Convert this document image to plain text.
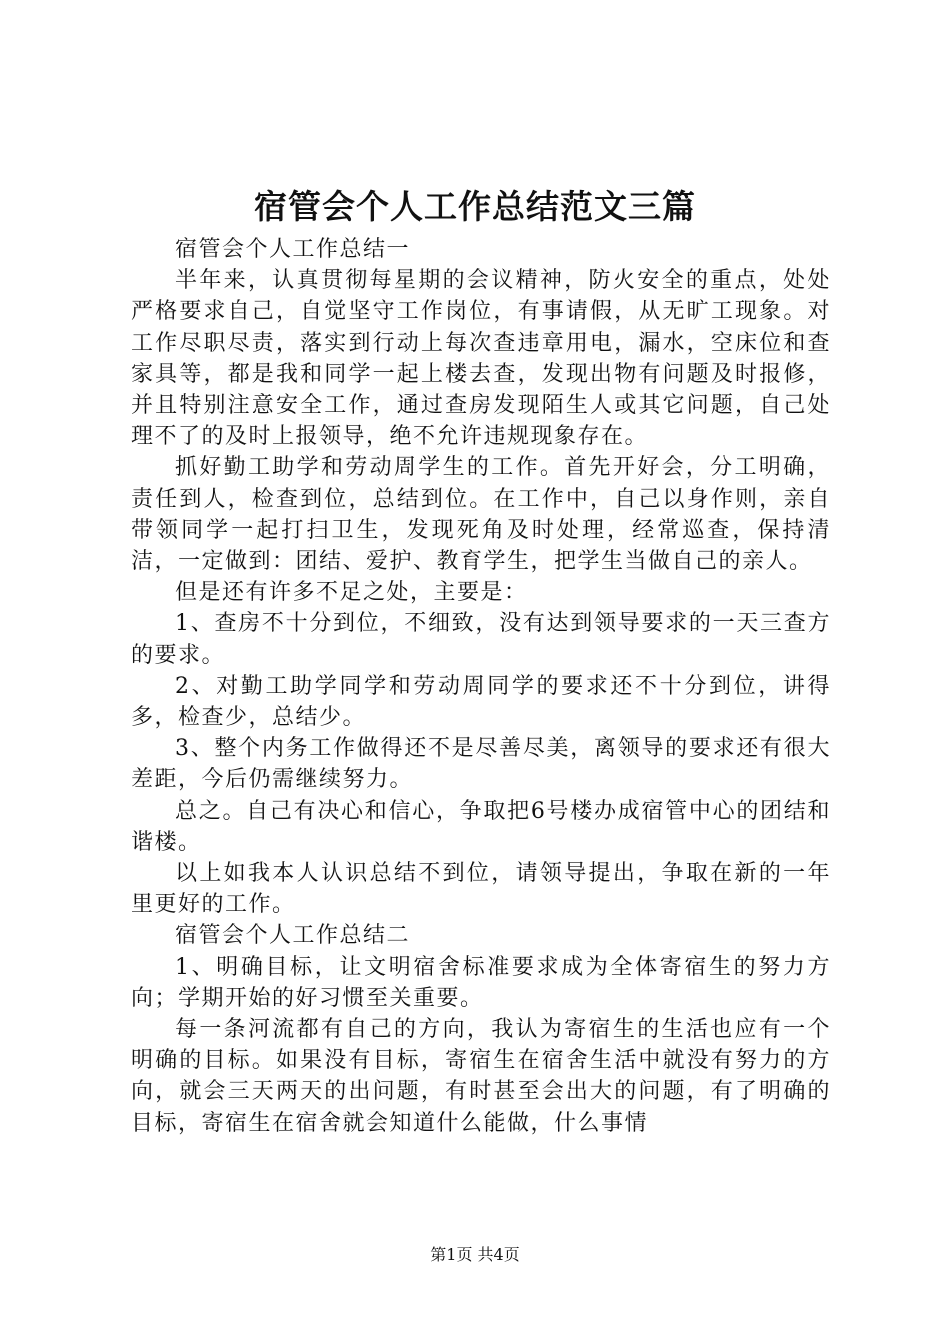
宿管会个人工作总结范文三篇

宿管会个人工作总结一

半年来，认真贯彻每星期的会议精神，防火安全的重点，处处严格要求自己，自觉坚守工作岗位，有事请假，从无旷工现象。对工作尽职尽责，落实到行动上每次查违章用电，漏水，空床位和查家具等，都是我和同学一起上楼去查，发现出物有问题及时报修，并且特别注意安全工作，通过查房发现陌生人或其它问题，自己处理不了的及时上报领导，绝不允许违规现象存在。

抓好勤工助学和劳动周学生的工作。首先开好会，分工明确，责任到人，检查到位，总结到位。在工作中，自己以身作则，亲自带领同学一起打扫卫生，发现死角及时处理，经常巡查，保持清洁，一定做到：团结、爱护、教育学生，把学生当做自己的亲人。

但是还有许多不足之处，主要是：

1、查房不十分到位，不细致，没有达到领导要求的一天三查方的要求。

2、对勤工助学同学和劳动周同学的要求还不十分到位，讲得多，检查少，总结少。

3、整个内务工作做得还不是尽善尽美，离领导的要求还有很大差距，今后仍需继续努力。

总之。自己有决心和信心，争取把6号楼办成宿管中心的团结和谐楼。

以上如我本人认识总结不到位，请领导提出，争取在新的一年里更好的工作。

宿管会个人工作总结二

1、明确目标，让文明宿舍标准要求成为全体寄宿生的努力方向；学期开始的好习惯至关重要。

每一条河流都有自己的方向，我认为寄宿生的生活也应有一个明确的目标。如果没有目标，寄宿生在宿舍生活中就没有努力的方向，就会三天两天的出问题，有时甚至会出大的问题，有了明确的目标，寄宿生在宿舍就会知道什么能做，什么事情

第1页 共4页
